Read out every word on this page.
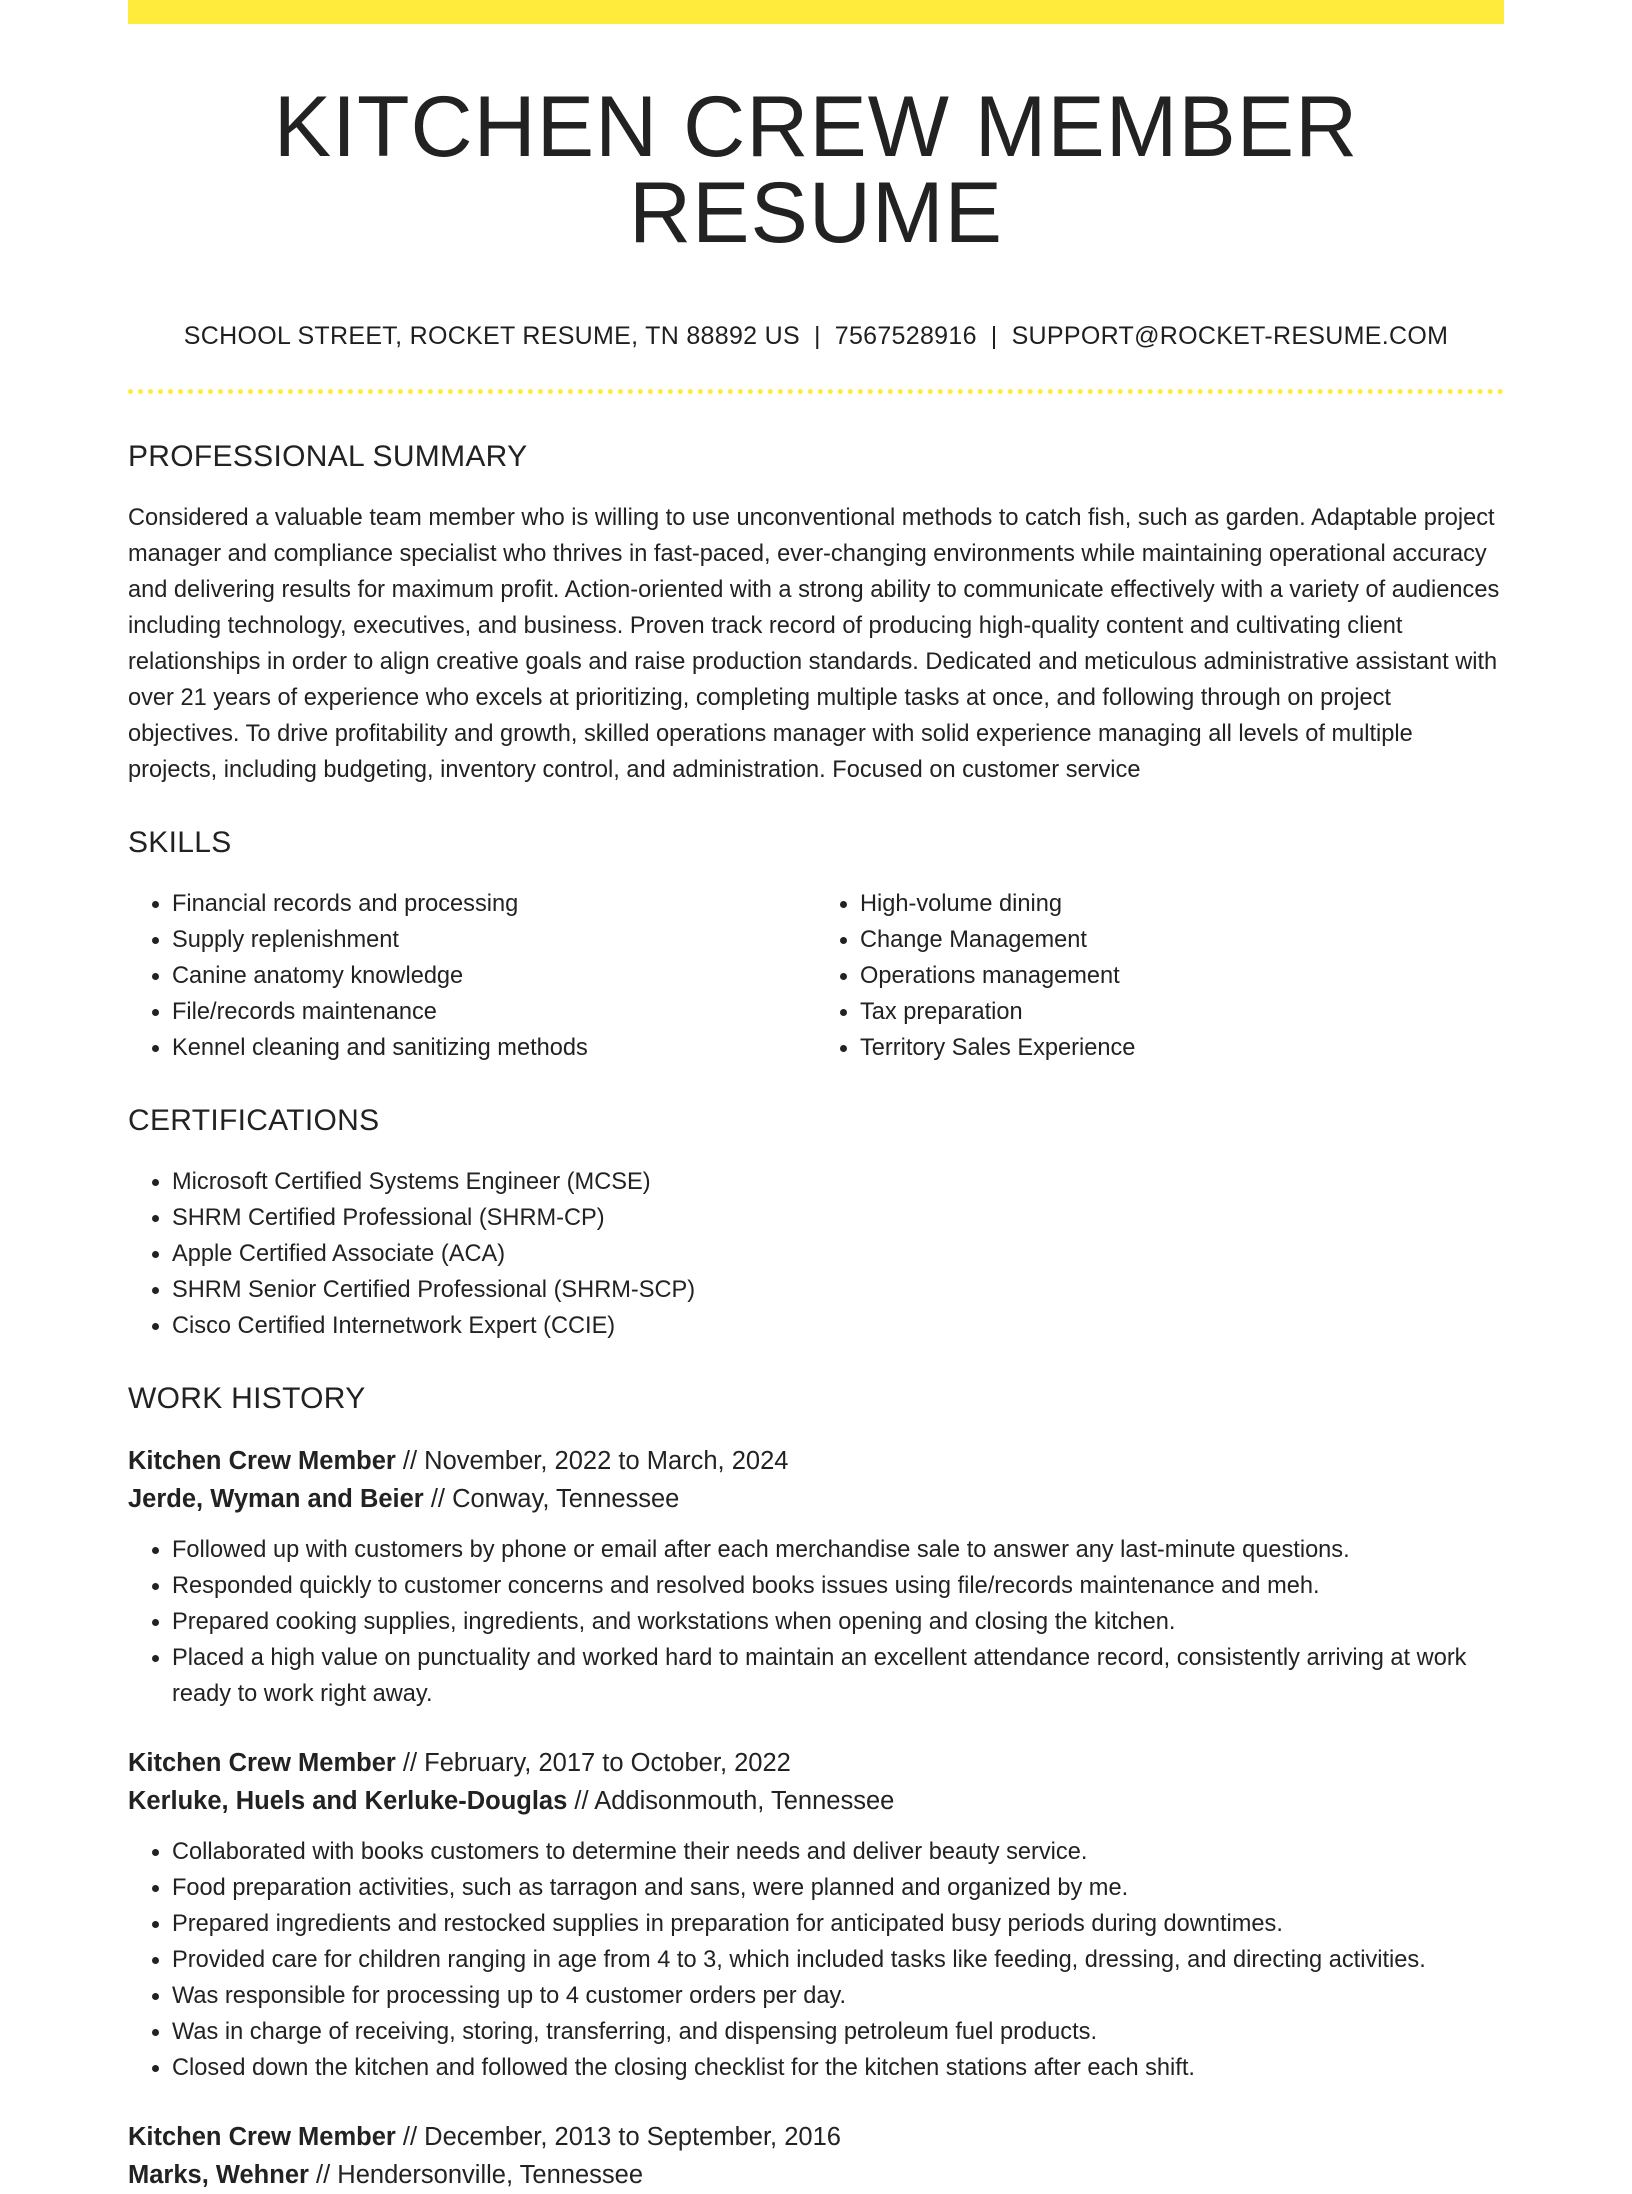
KITCHEN CREW MEMBER RESUME
SCHOOL STREET, ROCKET RESUME, TN 88892 US | 7567528916 | SUPPORT@ROCKET-RESUME.COM
PROFESSIONAL SUMMARY

Considered a valuable team member who is willing to use unconventional methods to catch fish, such as garden. Adaptable project manager and compliance specialist who thrives in fast-paced, ever-changing environments while maintaining operational accuracy and delivering results for maximum profit. Action-oriented with a strong ability to communicate effectively with a variety of audiences including technology, executives, and business. Proven track record of producing high-quality content and cultivating client relationships in order to align creative goals and raise production standards. Dedicated and meticulous administrative assistant with over 21 years of experience who excels at prioritizing, completing multiple tasks at once, and following through on project objectives. To drive profitability and growth, skilled operations manager with solid experience managing all levels of multiple projects, including budgeting, inventory control, and administration. Focused on customer service

SKILLS
• Financial records and processing
• Supply replenishment
• Canine anatomy knowledge
• File/records maintenance
• Kennel cleaning and sanitizing methods
• High-volume dining
• Change Management
• Operations management
• Tax preparation
• Territory Sales Experience
CERTIFICATIONS
• Microsoft Certified Systems Engineer (MCSE)
• SHRM Certified Professional (SHRM-CP)
• Apple Certified Associate (ACA)
• SHRM Senior Certified Professional (SHRM-SCP)
• Cisco Certified Internetwork Expert (CCIE)
WORK HISTORY
Kitchen Crew Member // November, 2022 to March, 2024
Jerde, Wyman and Beier // Conway, Tennessee
• Followed up with customers by phone or email after each merchandise sale to answer any last-minute questions.
• Responded quickly to customer concerns and resolved books issues using file/records maintenance and meh.
• Prepared cooking supplies, ingredients, and workstations when opening and closing the kitchen.
• Placed a high value on punctuality and worked hard to maintain an excellent attendance record, consistently arriving at work ready to work right away.
Kitchen Crew Member // February, 2017 to October, 2022
Kerluke, Huels and Kerluke-Douglas // Addisonmouth, Tennessee
• Collaborated with books customers to determine their needs and deliver beauty service.
• Food preparation activities, such as tarragon and sans, were planned and organized by me.
• Prepared ingredients and restocked supplies in preparation for anticipated busy periods during downtimes.
• Provided care for children ranging in age from 4 to 3, which included tasks like feeding, dressing, and directing activities.
• Was responsible for processing up to 4 customer orders per day.
• Was in charge of receiving, storing, transferring, and dispensing petroleum fuel products.
• Closed down the kitchen and followed the closing checklist for the kitchen stations after each shift.
Kitchen Crew Member // December, 2013 to September, 2016
Marks, Wehner // Hendersonville, Tennessee
